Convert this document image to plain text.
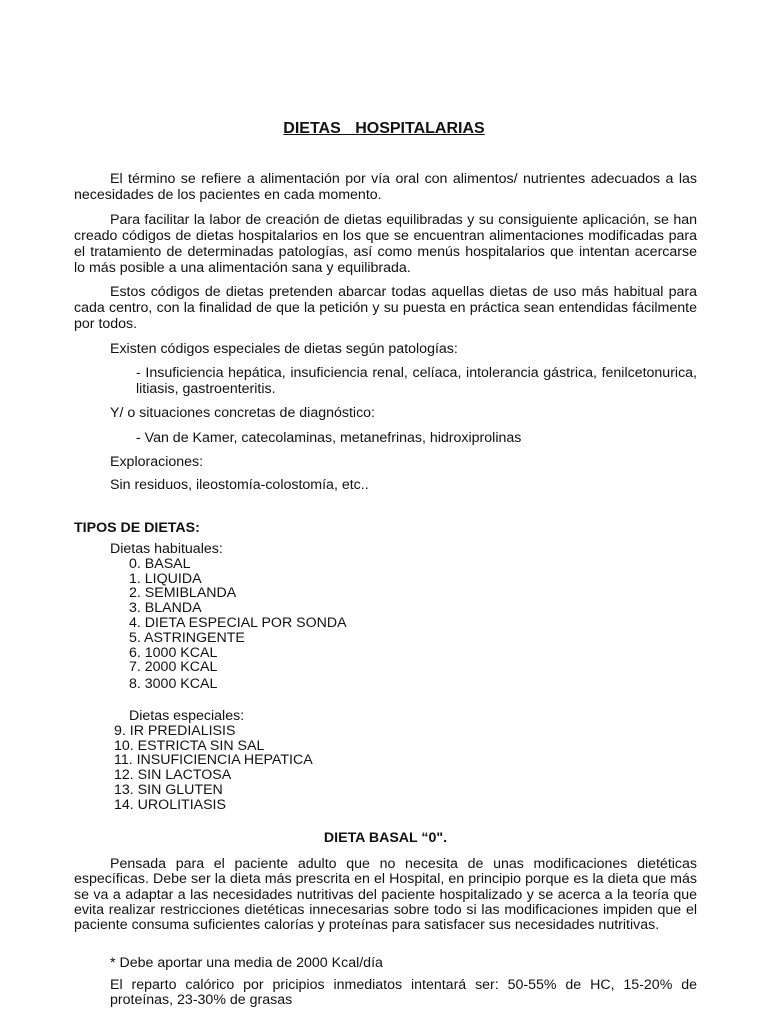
DIETAS HOSPITALARIAS
El término se refiere a alimentación por vía oral con alimentos/ nutrientes adecuados a las necesidades de los pacientes en cada momento.
Para facilitar la labor de creación de dietas equilibradas y su consiguiente aplicación, se han creado códigos de dietas hospitalarios en los que se encuentran alimentaciones modificadas para el tratamiento de determinadas patologías, así como menús hospitalarios que intentan acercarse lo más posible a una alimentación sana y equilibrada.
Estos códigos de dietas pretenden abarcar todas aquellas dietas de uso más habitual para cada centro, con la finalidad de que la petición y su puesta en práctica sean entendidas fácilmente por todos.
Existen códigos especiales de dietas según patologías:
- Insuficiencia hepática, insuficiencia renal, celíaca, intolerancia gástrica, fenilcetonurica, litiasis, gastroenteritis.
Y/ o situaciones concretas de diagnóstico:
- Van de Kamer, catecolaminas, metanefrinas, hidroxiprolinas
Exploraciones:
Sin residuos, ileostomía-colostomía, etc..
TIPOS DE DIETAS:
Dietas habituales:
0. BASAL
1. LIQUIDA
2. SEMIBLANDA
3. BLANDA
4. DIETA ESPECIAL POR SONDA
5. ASTRINGENTE
6. 1000 KCAL
7. 2000 KCAL
8. 3000 KCAL
Dietas especiales:
9. IR PREDIALISIS
10. ESTRICTA SIN SAL
11. INSUFICIENCIA HEPATICA
12. SIN LACTOSA
13. SIN GLUTEN
14. UROLITIASIS
DIETA BASAL “0".
Pensada para el paciente adulto que no necesita de unas modificaciones dietéticas específicas. Debe ser la dieta más prescrita en el Hospital, en principio porque es la dieta que más se va a adaptar a las necesidades nutritivas del paciente hospitalizado y se acerca a la teoría que evita realizar restricciones dietéticas innecesarias sobre todo si las modificaciones impiden que el paciente consuma suficientes calorías y proteínas para satisfacer sus necesidades nutritivas.
* Debe aportar una media de 2000 Kcal/día
El reparto calórico por pricipios inmediatos intentará ser: 50-55% de HC, 15-20% de proteínas, 23-30% de grasas
